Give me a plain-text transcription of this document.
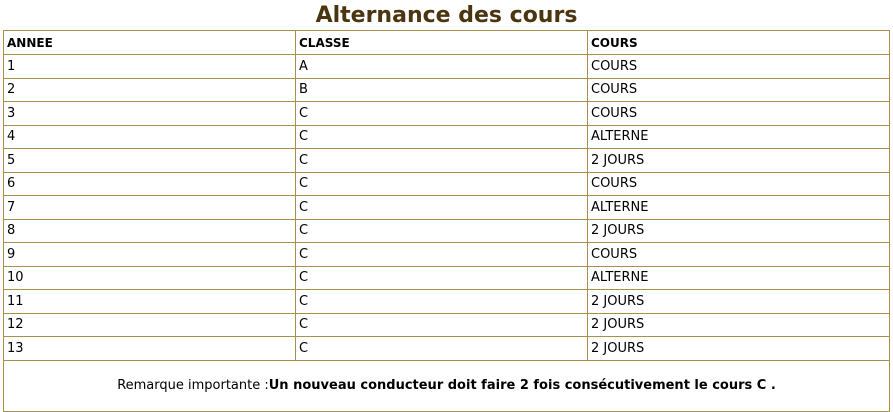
Alternance des cours
ANNEE	CLASSE	COURS
1	A	COURS
2	B	COURS
3	C	COURS
4	C	ALTERNE
5	C	2 JOURS
6	C	COURS
7	C	ALTERNE
8	C	2 JOURS
9	C	COURS
10	C	ALTERNE
11	C	2 JOURS
12	C	2 JOURS
13	C	2 JOURS
Remarque importante :Un nouveau conducteur doit faire 2 fois consécutivement le cours C .		
